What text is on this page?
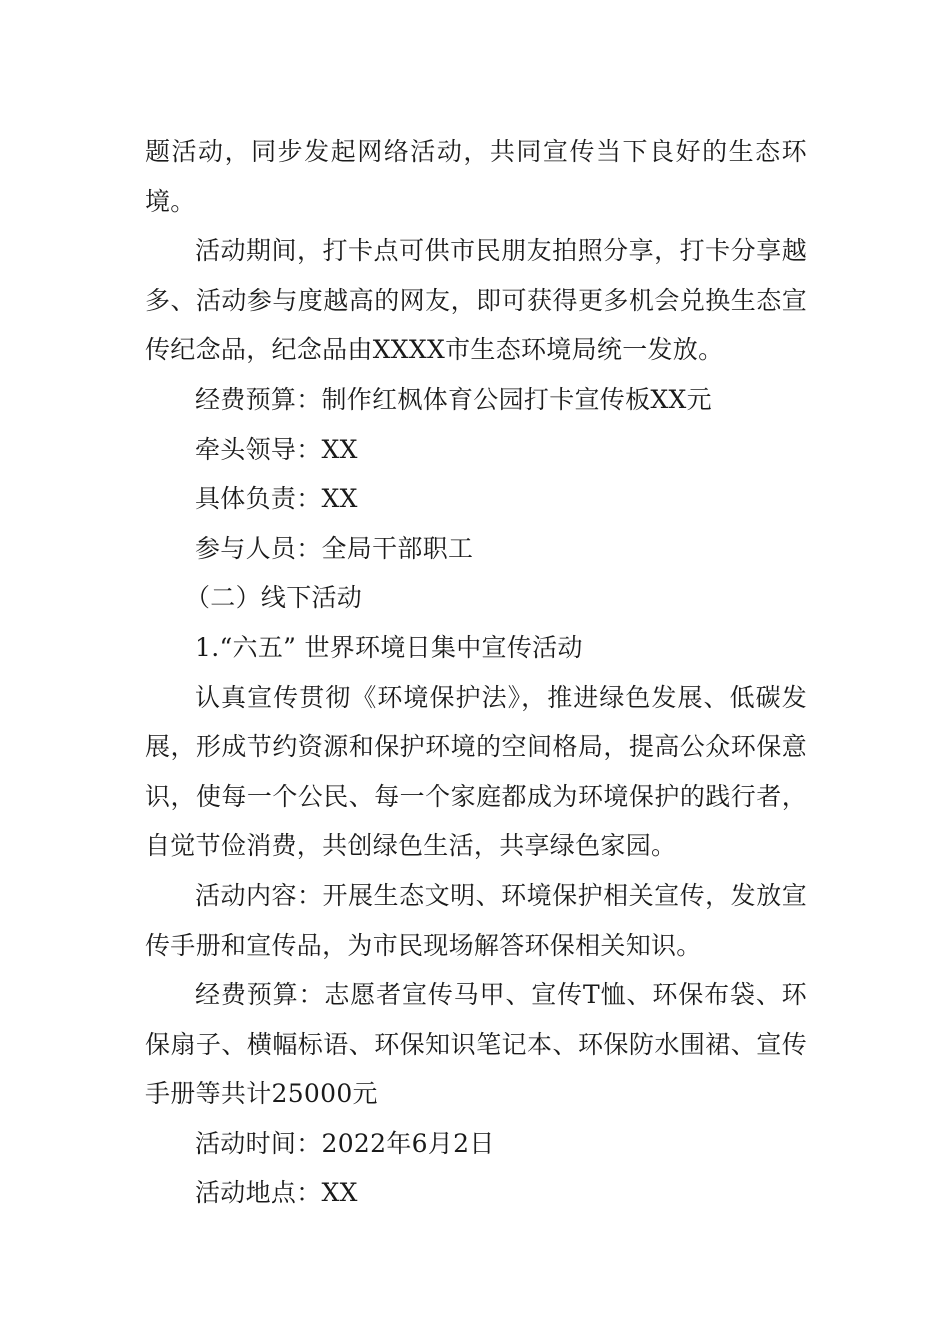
题活动，同步发起网络活动，共同宣传当下良好的生态环境。

活动期间，打卡点可供市民朋友拍照分享，打卡分享越多、活动参与度越高的网友，即可获得更多机会兑换生态宣传纪念品，纪念品由XXXX市生态环境局统一发放。

经费预算：制作红枫体育公园打卡宣传板XX元

牵头领导：XX

具体负责：XX

参与人员：全局干部职工

（二）线下活动

1.“六五” 世界环境日集中宣传活动

认真宣传贯彻《环境保护法》，推进绿色发展、低碳发展，形成节约资源和保护环境的空间格局，提高公众环保意识，使每一个公民、每一个家庭都成为环境保护的践行者，自觉节俭消费，共创绿色生活，共享绿色家园。

活动内容：开展生态文明、环境保护相关宣传，发放宣传手册和宣传品，为市民现场解答环保相关知识。

经费预算：志愿者宣传马甲、宣传T恤、环保布袋、环保扇子、横幅标语、环保知识笔记本、环保防水围裙、宣传手册等共计25000元

活动时间：2022年6月2日

活动地点：XX
